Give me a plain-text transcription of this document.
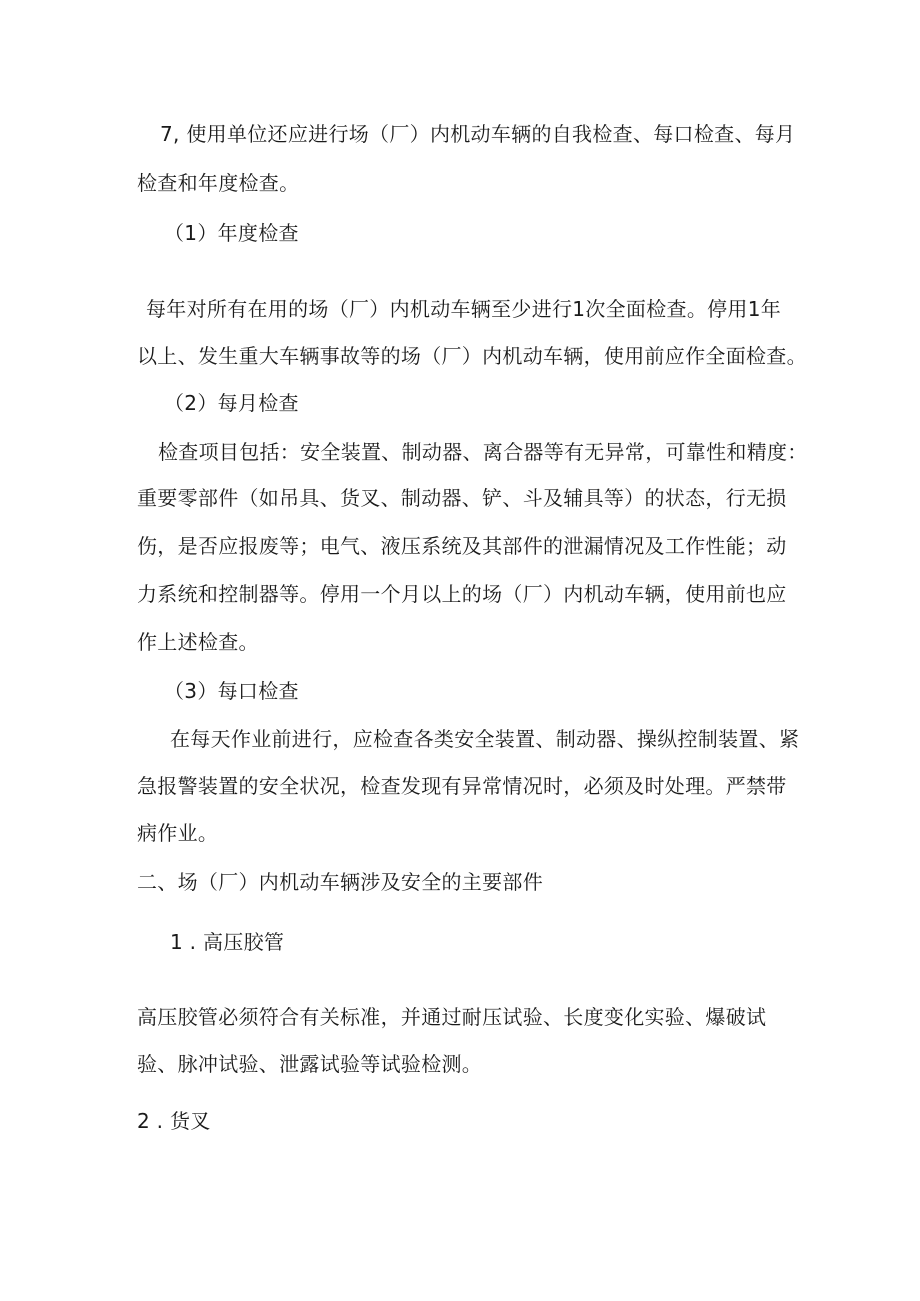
7, 使用单位还应进行场（厂）内机动车辆的自我检查、每口检查、每月
检查和年度检查。
（1）年度检查
每年对所有在用的场（厂）内机动车辆至少进行1次全面检查。停用1年
以上、发生重大车辆事故等的场（厂）内机动车辆，使用前应作全面检查。
（2）每月检查
检查项目包括：安全装置、制动器、离合器等有无异常，可靠性和精度：
重要零部件（如吊具、货叉、制动器、铲、斗及辅具等）的状态，行无损
伤，是否应报废等；电气、液压系统及其部件的泄漏情况及工作性能；动
力系统和控制器等。停用一个月以上的场（厂）内机动车辆，使用前也应
作上述检查。
（3）每口检查
在每天作业前进行，应检查各类安全装置、制动器、操纵控制装置、紧
急报警装置的安全状况，检查发现有异常情况时，必须及时处理。严禁带
病作业。
二、场（厂）内机动车辆涉及安全的主要部件
1 . 高压胶管
高压胶管必须符合有关标准，并通过耐压试验、长度变化实验、爆破试
验、脉冲试验、泄露试验等试验检测。
2 . 货叉
